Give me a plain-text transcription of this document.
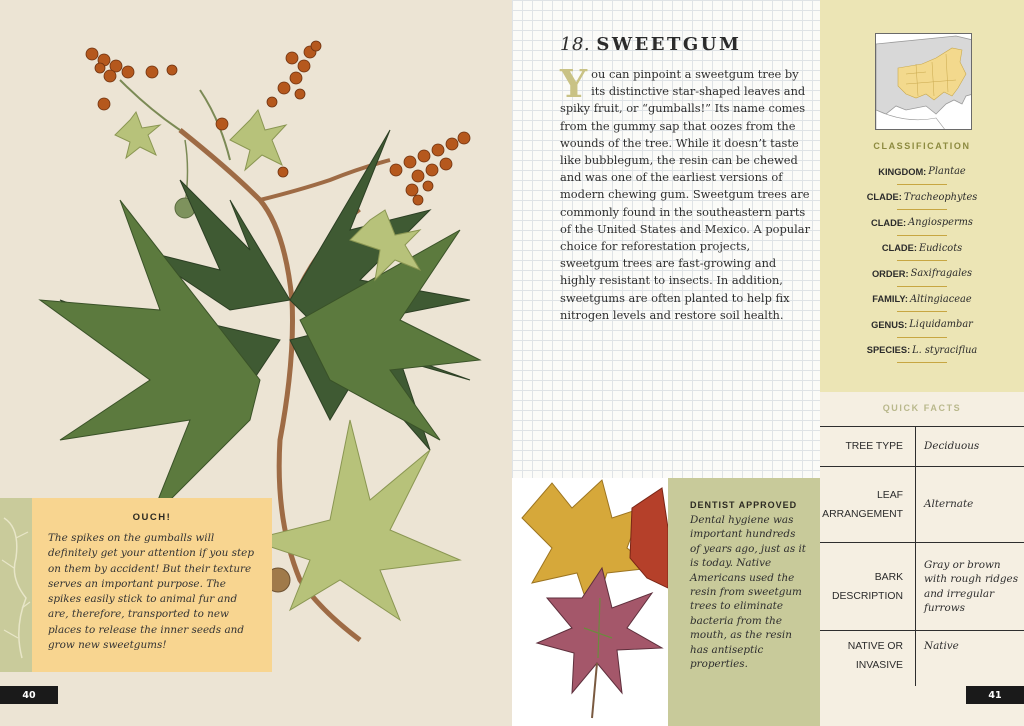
OUCH!
The spikes on the gumballs will definitely get your attention if you step on them by accident! But their texture serves an important purpose. The spikes easily stick to animal fur and are, therefore, transported to new places to release the inner seeds and grow new sweetgums!
40
18. SWEETGUM
You can pinpoint a sweetgum tree by its distinctive star-shaped leaves and spiky fruit, or “gumballs!” Its name comes from the gummy sap that oozes from the wounds of the tree. While it doesn’t taste like bubblegum, the resin can be chewed and was one of the earliest versions of modern chewing gum. Sweetgum trees are commonly found in the southeastern parts of the United States and Mexico. A popular choice for reforestation projects, sweetgum trees are fast-growing and highly resistant to insects. In addition, sweetgums are often planted to help fix nitrogen levels and restore soil health.
CLASSIFICATION
KINGDOM: Plantae
CLADE: Tracheophytes
CLADE: Angiosperms
CLADE: Eudicots
ORDER: Saxifragales
FAMILY: Altingiaceae
GENUS: Liquidambar
SPECIES: L. styraciflua
QUICK FACTS
TREE TYPE	Deciduous
LEAF ARRANGEMENT
Alternate
BARK DESCRIPTION
Gray or brown with rough ridges and irregular furrows
NATIVE OR INVASIVE
Native
DENTIST APPROVED
Dental hygiene was important hundreds of years ago, just as it is today. Native Americans used the resin from sweetgum trees to eliminate bacteria from the mouth, as the resin has antiseptic properties.
41
